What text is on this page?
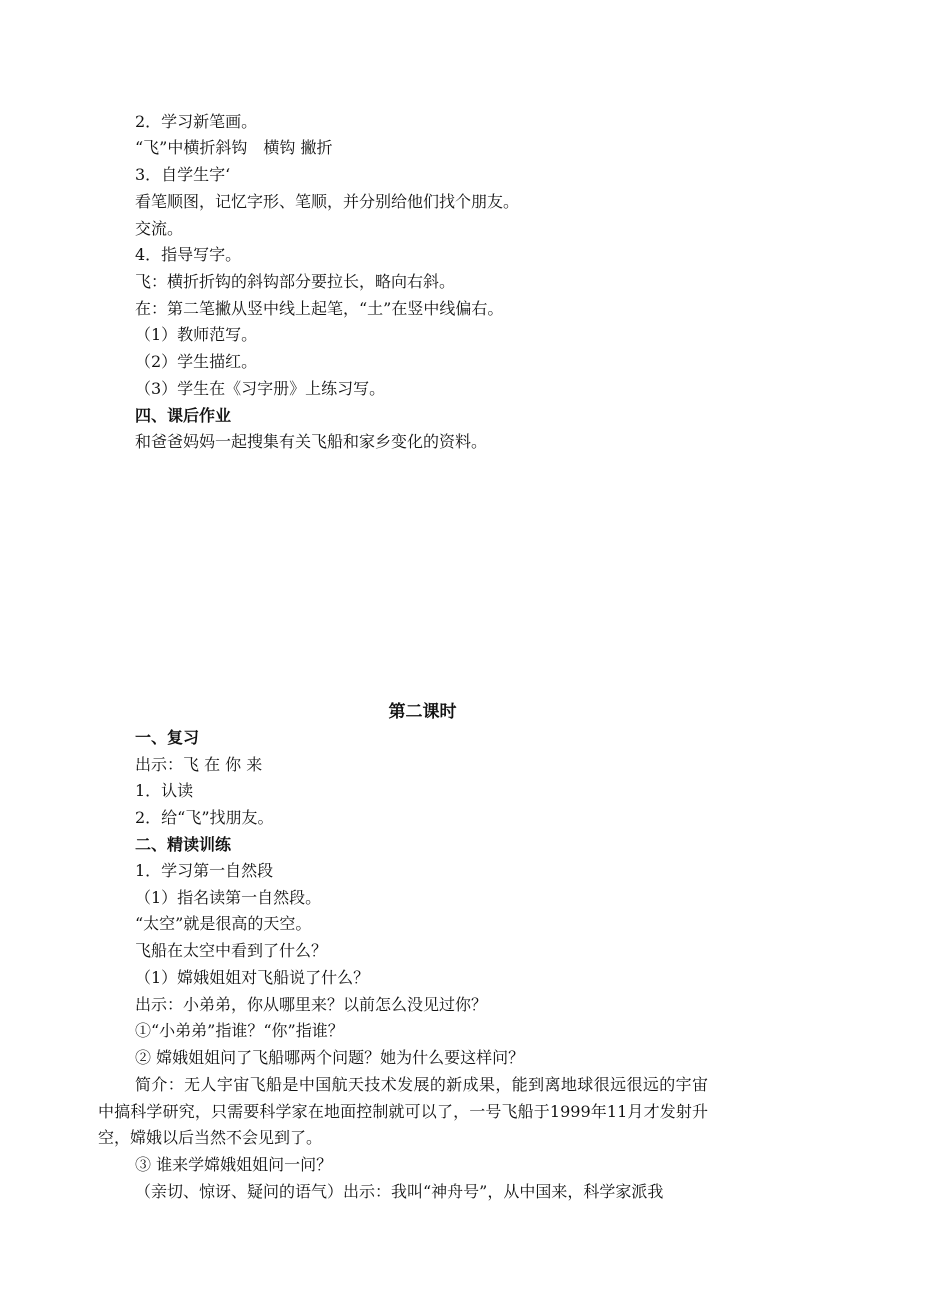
2．学习新笔画。
“飞”中横折斜钩　横钩 撇折
3．自学生字‘
看笔顺图，记忆字形、笔顺，并分别给他们找个朋友。
交流。
4．指导写字。
飞：横折折钩的斜钩部分要拉长，略向右斜。
在：第二笔撇从竖中线上起笔，“土”在竖中线偏右。
（1）教师范写。
（2）学生描红。
（3）学生在《习字册》上练习写。
四、课后作业
和爸爸妈妈一起搜集有关飞船和家乡变化的资料。
第二课时
一、复习
出示：飞 在 你 来
1．认读
2．给“飞”找朋友。
二、精读训练
1．学习第一自然段
（1）指名读第一自然段。
“太空”就是很高的天空。
飞船在太空中看到了什么？
（1）嫦娥姐姐对飞船说了什么？
出示：小弟弟，你从哪里来？以前怎么没见过你？
①“小弟弟”指谁？“你”指谁？
② 嫦娥姐姐问了飞船哪两个问题？她为什么要这样问？
简介：无人宇宙飞船是中国航天技术发展的新成果，能到离地球很远很远的宇宙中搞科学研究，只需要科学家在地面控制就可以了，一号飞船于1999年11月才发射升空，嫦娥以后当然不会见到了。
③ 谁来学嫦娥姐姐问一问？
（亲切、惊讶、疑问的语气）出示：我叫“神舟号”，从中国来，科学家派我
